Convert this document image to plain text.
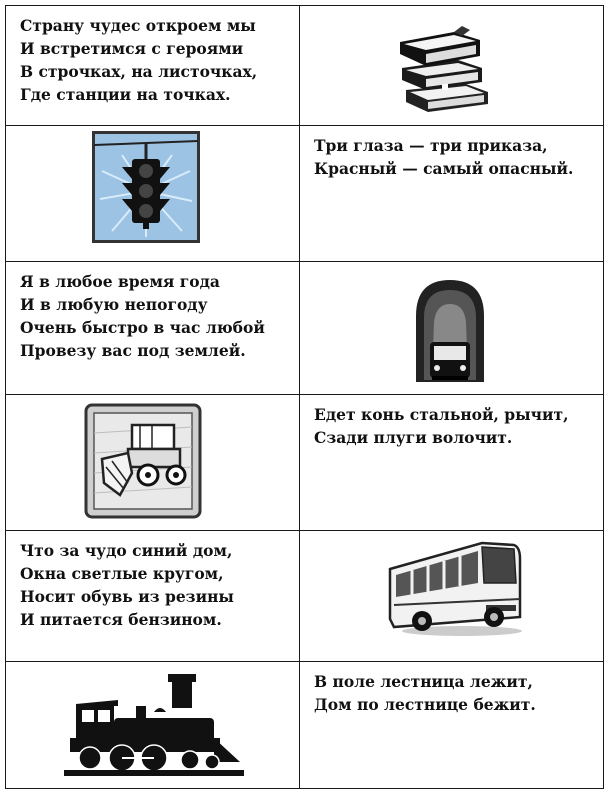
Страну чудес откроем мы
И встретимся с героями
В строчках, на листочках,
Где станции на точках.

Три глаза — три приказа,
Красный — самый опасный.

Я в любое время года
И в любую непогоду
Очень быстро в час любой
Провезу вас под землей.

Едет конь стальной, рычит,
Сзади плуги волочит.

Что за чудо синий дом,
Окна светлые кругом,
Носит обувь из резины
И питается бензином.

В поле лестница лежит,
Дом по лестнице бежит.
